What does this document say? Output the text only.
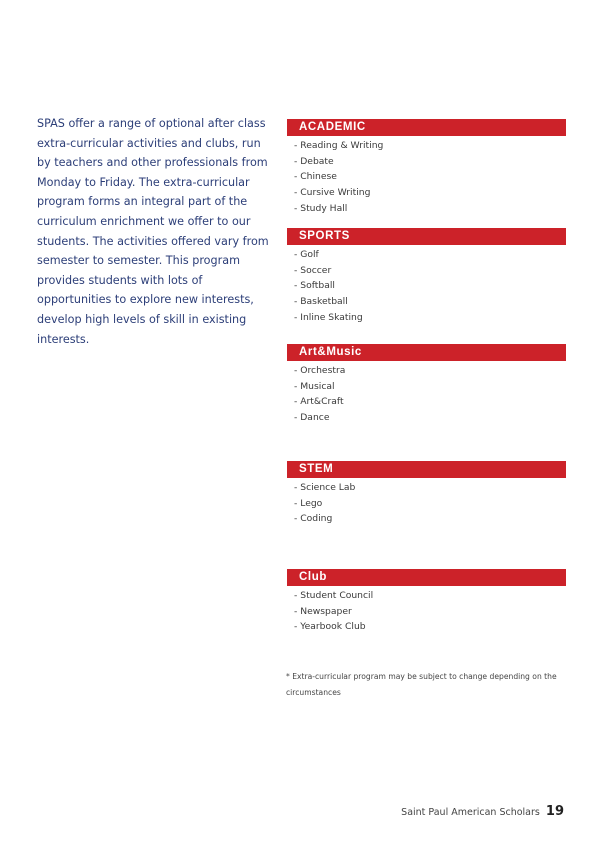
SPAS offer a range of optional after class extra-curricular activities and clubs, run by teachers and other professionals from Monday to Friday. The extra-curricular program forms an integral part of the curriculum enrichment we offer to our students. The activities offered vary from semester to semester. This program provides students with lots of opportunities to explore new interests, develop high levels of skill in existing interests.

ACADEMIC
- Reading & Writing
- Debate
- Chinese
- Cursive Writing
- Study Hall
SPORTS
- Golf
- Soccer
- Softball
- Basketball
- Inline Skating
Art&Music
- Orchestra
- Musical
- Art&Craft
- Dance
STEM
- Science Lab
- Lego
- Coding
Club
- Student Council
- Newspaper
- Yearbook Club

* Extra-curricular program may be subject to change depending on the circumstances

Saint Paul American Scholars 19
